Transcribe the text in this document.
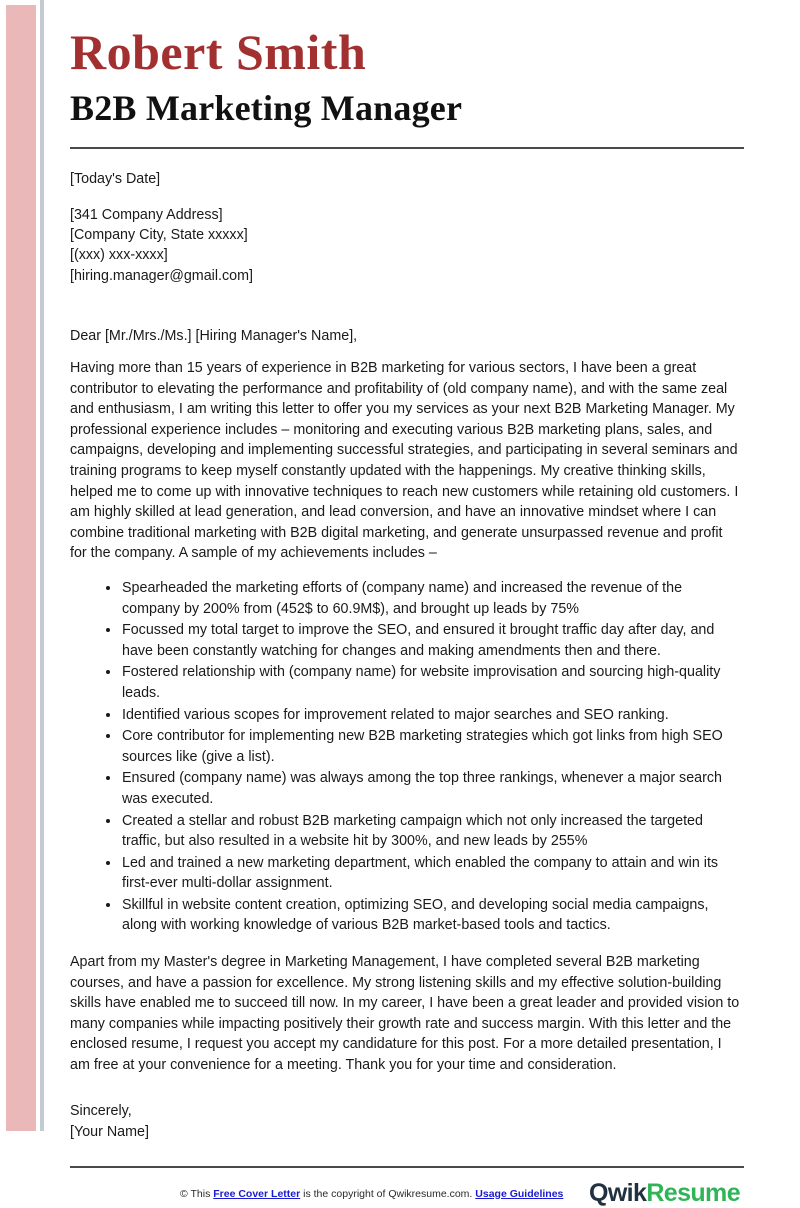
Robert Smith
B2B Marketing Manager
[Today's Date]
[341 Company Address]
[Company City, State xxxxx]
[(xxx) xxx-xxxx]
[hiring.manager@gmail.com]
Dear [Mr./Mrs./Ms.] [Hiring Manager's Name],

Having more than 15 years of experience in B2B marketing for various sectors, I have been a great contributor to elevating the performance and profitability of (old company name), and with the same zeal and enthusiasm, I am writing this letter to offer you my services as your next B2B Marketing Manager. My professional experience includes – monitoring and executing various B2B marketing plans, sales, and campaigns, developing and implementing successful strategies, and participating in several seminars and training programs to keep myself constantly updated with the happenings. My creative thinking skills, helped me to come up with innovative techniques to reach new customers while retaining old customers. I am highly skilled at lead generation, and lead conversion, and have an innovative mindset where I can combine traditional marketing with B2B digital marketing, and generate unsurpassed revenue and profit for the company. A sample of my achievements includes –

Spearheaded the marketing efforts of (company name) and increased the revenue of the company by 200% from (452$ to 60.9M$), and brought up leads by 75%
Focussed my total target to improve the SEO, and ensured it brought traffic day after day, and have been constantly watching for changes and making amendments then and there.
Fostered relationship with (company name) for website improvisation and sourcing high-quality leads.
Identified various scopes for improvement related to major searches and SEO ranking.
Core contributor for implementing new B2B marketing strategies which got links from high SEO sources like (give a list).
Ensured (company name) was always among the top three rankings, whenever a major search was executed.
Created a stellar and robust B2B marketing campaign which not only increased the targeted traffic, but also resulted in a website hit by 300%, and new leads by 255%
Led and trained a new marketing department, which enabled the company to attain and win its first-ever multi-dollar assignment.
Skillful in website content creation, optimizing SEO, and developing social media campaigns, along with working knowledge of various B2B market-based tools and tactics.

Apart from my Master's degree in Marketing Management, I have completed several B2B marketing courses, and have a passion for excellence. My strong listening skills and my effective solution-building skills have enabled me to succeed till now. In my career, I have been a great leader and provided vision to many companies while impacting positively their growth rate and success margin. With this letter and the enclosed resume, I request you accept my candidature for this post. For a more detailed presentation, I am free at your convenience for a meeting. Thank you for your time and consideration.

Sincerely,
[Your Name]
© This Free Cover Letter is the copyright of Qwikresume.com. Usage Guidelines QwikResume
